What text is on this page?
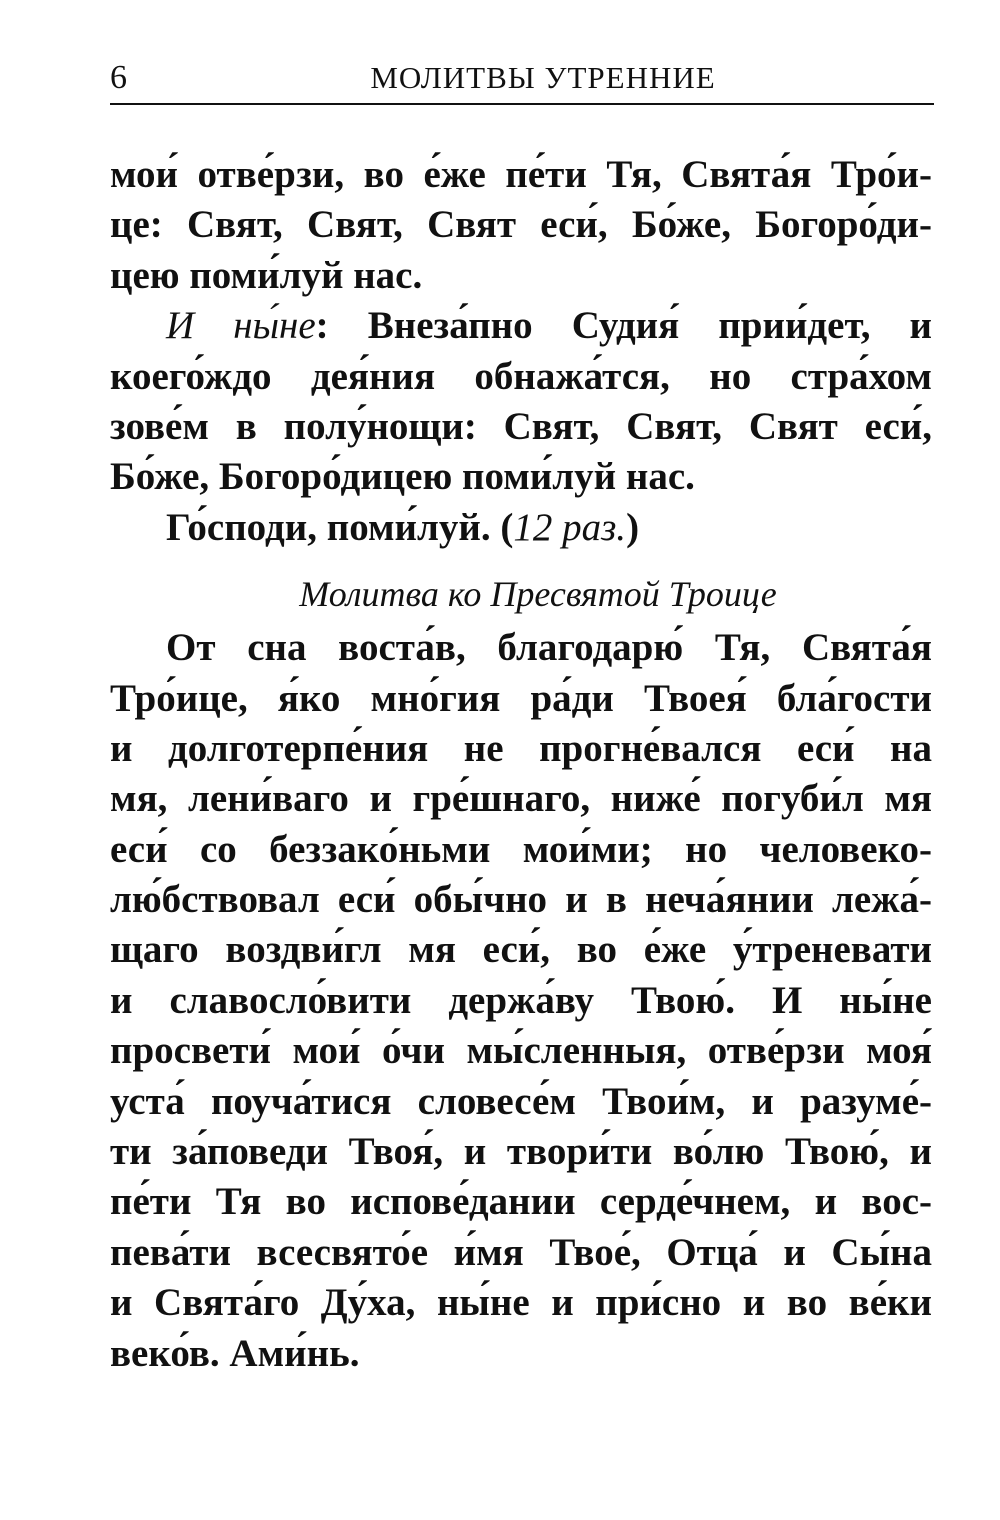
6	МОЛИТВЫ УТРЕННИЕ
мои́ отве́рзи, во е́же пе́ти Тя, Свята́я Тро́и-
це: Свят, Свят, Свят еси́, Бо́же, Богоро́ди-
цею поми́луй нас.
И ны́не: Внеза́пно Судия́ прии́дет, и
коего́ждо дея́ния обнажа́тся, но стра́хом
зове́м в полу́нощи: Свят, Свят, Свят еси́,
Бо́же, Богоро́дицею поми́луй нас.
Го́споди, поми́луй. (12 раз.)
Молитва ко Пресвятой Троице
От сна воста́в, благодарю́ Тя, Свята́я
Тро́ице, я́ко мно́гия ра́ди Твоея́ бла́гости
и долготерпе́ния не прогне́вался еси́ на
мя, лени́ваго и гре́шнаго, ниже́ погуби́л мя
еси́ со беззако́ньми мои́ми; но человеко-
лю́бствовал еси́ обы́чно и в неча́янии лежа́-
щаго воздви́гл мя еси́, во е́же у́треневати
и славосло́вити держа́ву Твою́. И ны́не
просвети́ мои́ о́чи мы́сленныя, отве́рзи моя́
уста́ поуча́тися словесе́м Твои́м, и разуме́-
ти за́поведи Твоя́, и твори́ти во́лю Твою́, и
пе́ти Тя во испове́дании серде́чнем, и вос-
пева́ти всесвято́е и́мя Твое́, Отца́ и Сы́на
и Свята́го Ду́ха, ны́не и при́сно и во ве́ки
веко́в. Ами́нь.
